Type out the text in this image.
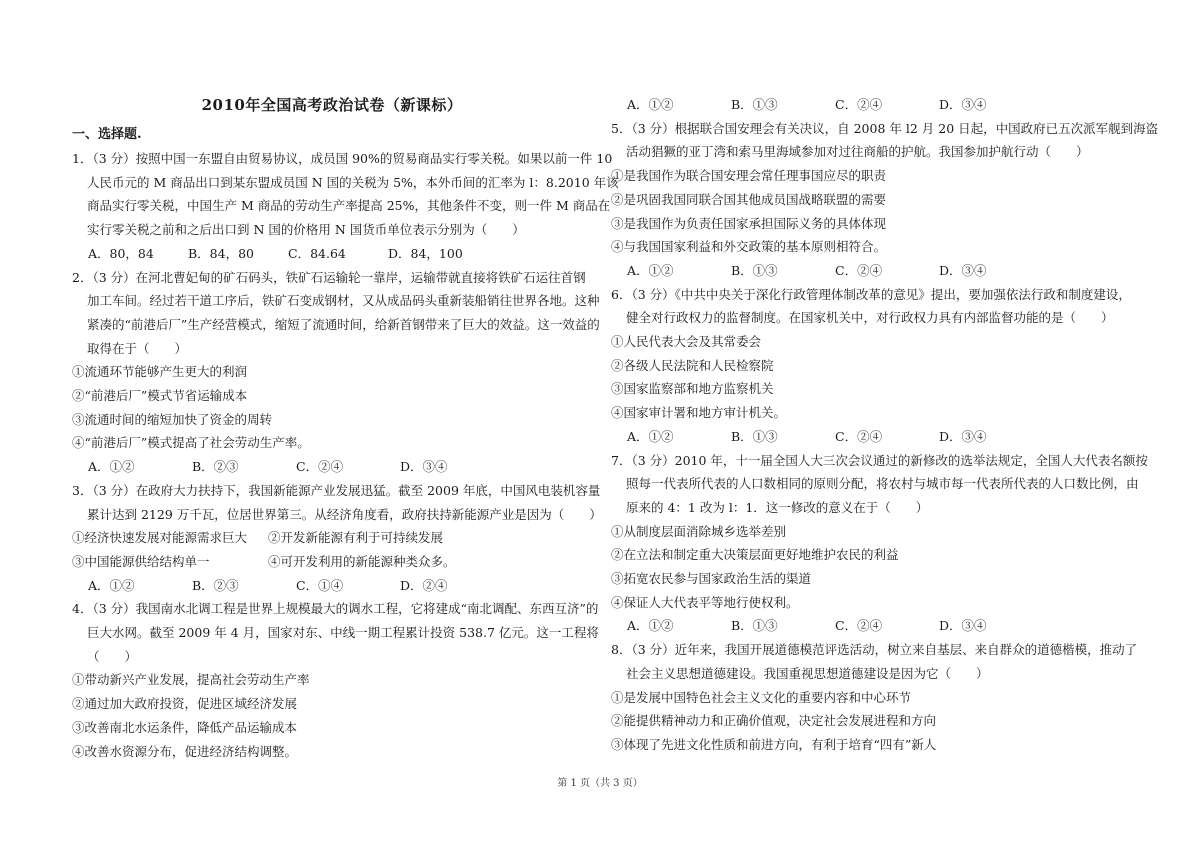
2010年全国高考政治试卷（新课标）
一、选择题.
1．（3 分）按照中国一东盟自由贸易协议，成员国 90%的贸易商品实行零关税。如果以前一件 10
人民币元的 M 商品出口到某东盟成员国 N 国的关税为 5%，本外币间的汇率为 l：8.2010 年该
商品实行零关税，中国生产 M 商品的劳动生产率提高 25%，其他条件不变，则一件 M 商品在
实行零关税之前和之后出口到 N 国的价格用 N 国货币单位表示分别为（　　）
A．80，84	B．84，80	C．84.64	D．84，100
2．（3 分）在河北曹妃甸的矿石码头，铁矿石运输轮一靠岸，运输带就直接将铁矿石运往首钢
加工车间。经过若干道工序后，铁矿石变成钢材，又从成品码头重新装船销往世界各地。这种
紧凑的“前港后厂”生产经营模式，缩短了流通时间，给新首钢带来了巨大的效益。这一效益的
取得在于（　　）
①流通环节能够产生更大的利润
②“前港后厂”模式节省运输成本
③流通时间的缩短加快了资金的周转
④“前港后厂”模式提高了社会劳动生产率。
A．①②	B．②③	C．②④	D．③④
3．（3 分）在政府大力扶持下，我国新能源产业发展迅猛。截至 2009 年底，中国风电装机容量
累计达到 2129 万千瓦，位居世界第三。从经济角度看，政府扶持新能源产业是因为（　　）
①经济快速发展对能源需求巨大	②开发新能源有利于可持续发展
③中国能源供给结构单一	④可开发利用的新能源种类众多。
A．①②	B．②③	C．①④	D．②④
4．（3 分）我国南水北调工程是世界上规模最大的调水工程，它将建成“南北调配、东西互济”的
巨大水网。截至 2009 年 4 月，国家对东、中线一期工程累计投资 538.7 亿元。这一工程将
（　　）
①带动新兴产业发展，提高社会劳动生产率
②通过加大政府投资，促进区域经济发展
③改善南北水运条件，降低产品运输成本
④改善水资源分布，促进经济结构调整。
A．①②	B．①③	C．②④	D．③④
5．（3 分）根据联合国安理会有关决议，自 2008 年 l2 月 20 日起，中国政府已五次派军舰到海盗
活动猖獗的亚丁湾和索马里海域参加对过往商船的护航。我国参加护航行动（　　）
①是我国作为联合国安理会常任理事国应尽的职责
②是巩固我国同联合国其他成员国战略联盟的需要
③是我国作为负责任国家承担国际义务的具体体现
④与我国国家利益和外交政策的基本原则相符合。
A．①②	B．①③	C．②④	D．③④
6．（3 分）《中共中央关于深化行政管理体制改革的意见》提出，要加强依法行政和制度建设，
健全对行政权力的监督制度。在国家机关中，对行政权力具有内部监督功能的是（　　）
①人民代表大会及其常委会
②各级人民法院和人民检察院
③国家监察部和地方监察机关
④国家审计署和地方审计机关。
A．①②	B．①③	C．②④	D．③④
7．（3 分）2010 年，十一届全国人大三次会议通过的新修改的选举法规定，全国人大代表名额按
照每一代表所代表的人口数相同的原则分配，将农村与城市每一代表所代表的人口数比例，由
原来的 4：1 改为 l：1．这一修改的意义在于（　　）
①从制度层面消除城乡选举差别
②在立法和制定重大决策层面更好地维护农民的利益
③拓宽农民参与国家政治生活的渠道
④保证人大代表平等地行使权利。
A．①②	B．①③	C．②④	D．③④
8．（3 分）近年来，我国开展道德模范评选活动，树立来自基层、来自群众的道德楷模，推动了
社会主义思想道德建设。我国重视思想道德建设是因为它（　　）
①是发展中国特色社会主义文化的重要内容和中心环节
②能提供精神动力和正确价值观，决定社会发展进程和方向
③体现了先进文化性质和前进方向，有利于培育“四有”新人
第 1 页（共 3 页）
